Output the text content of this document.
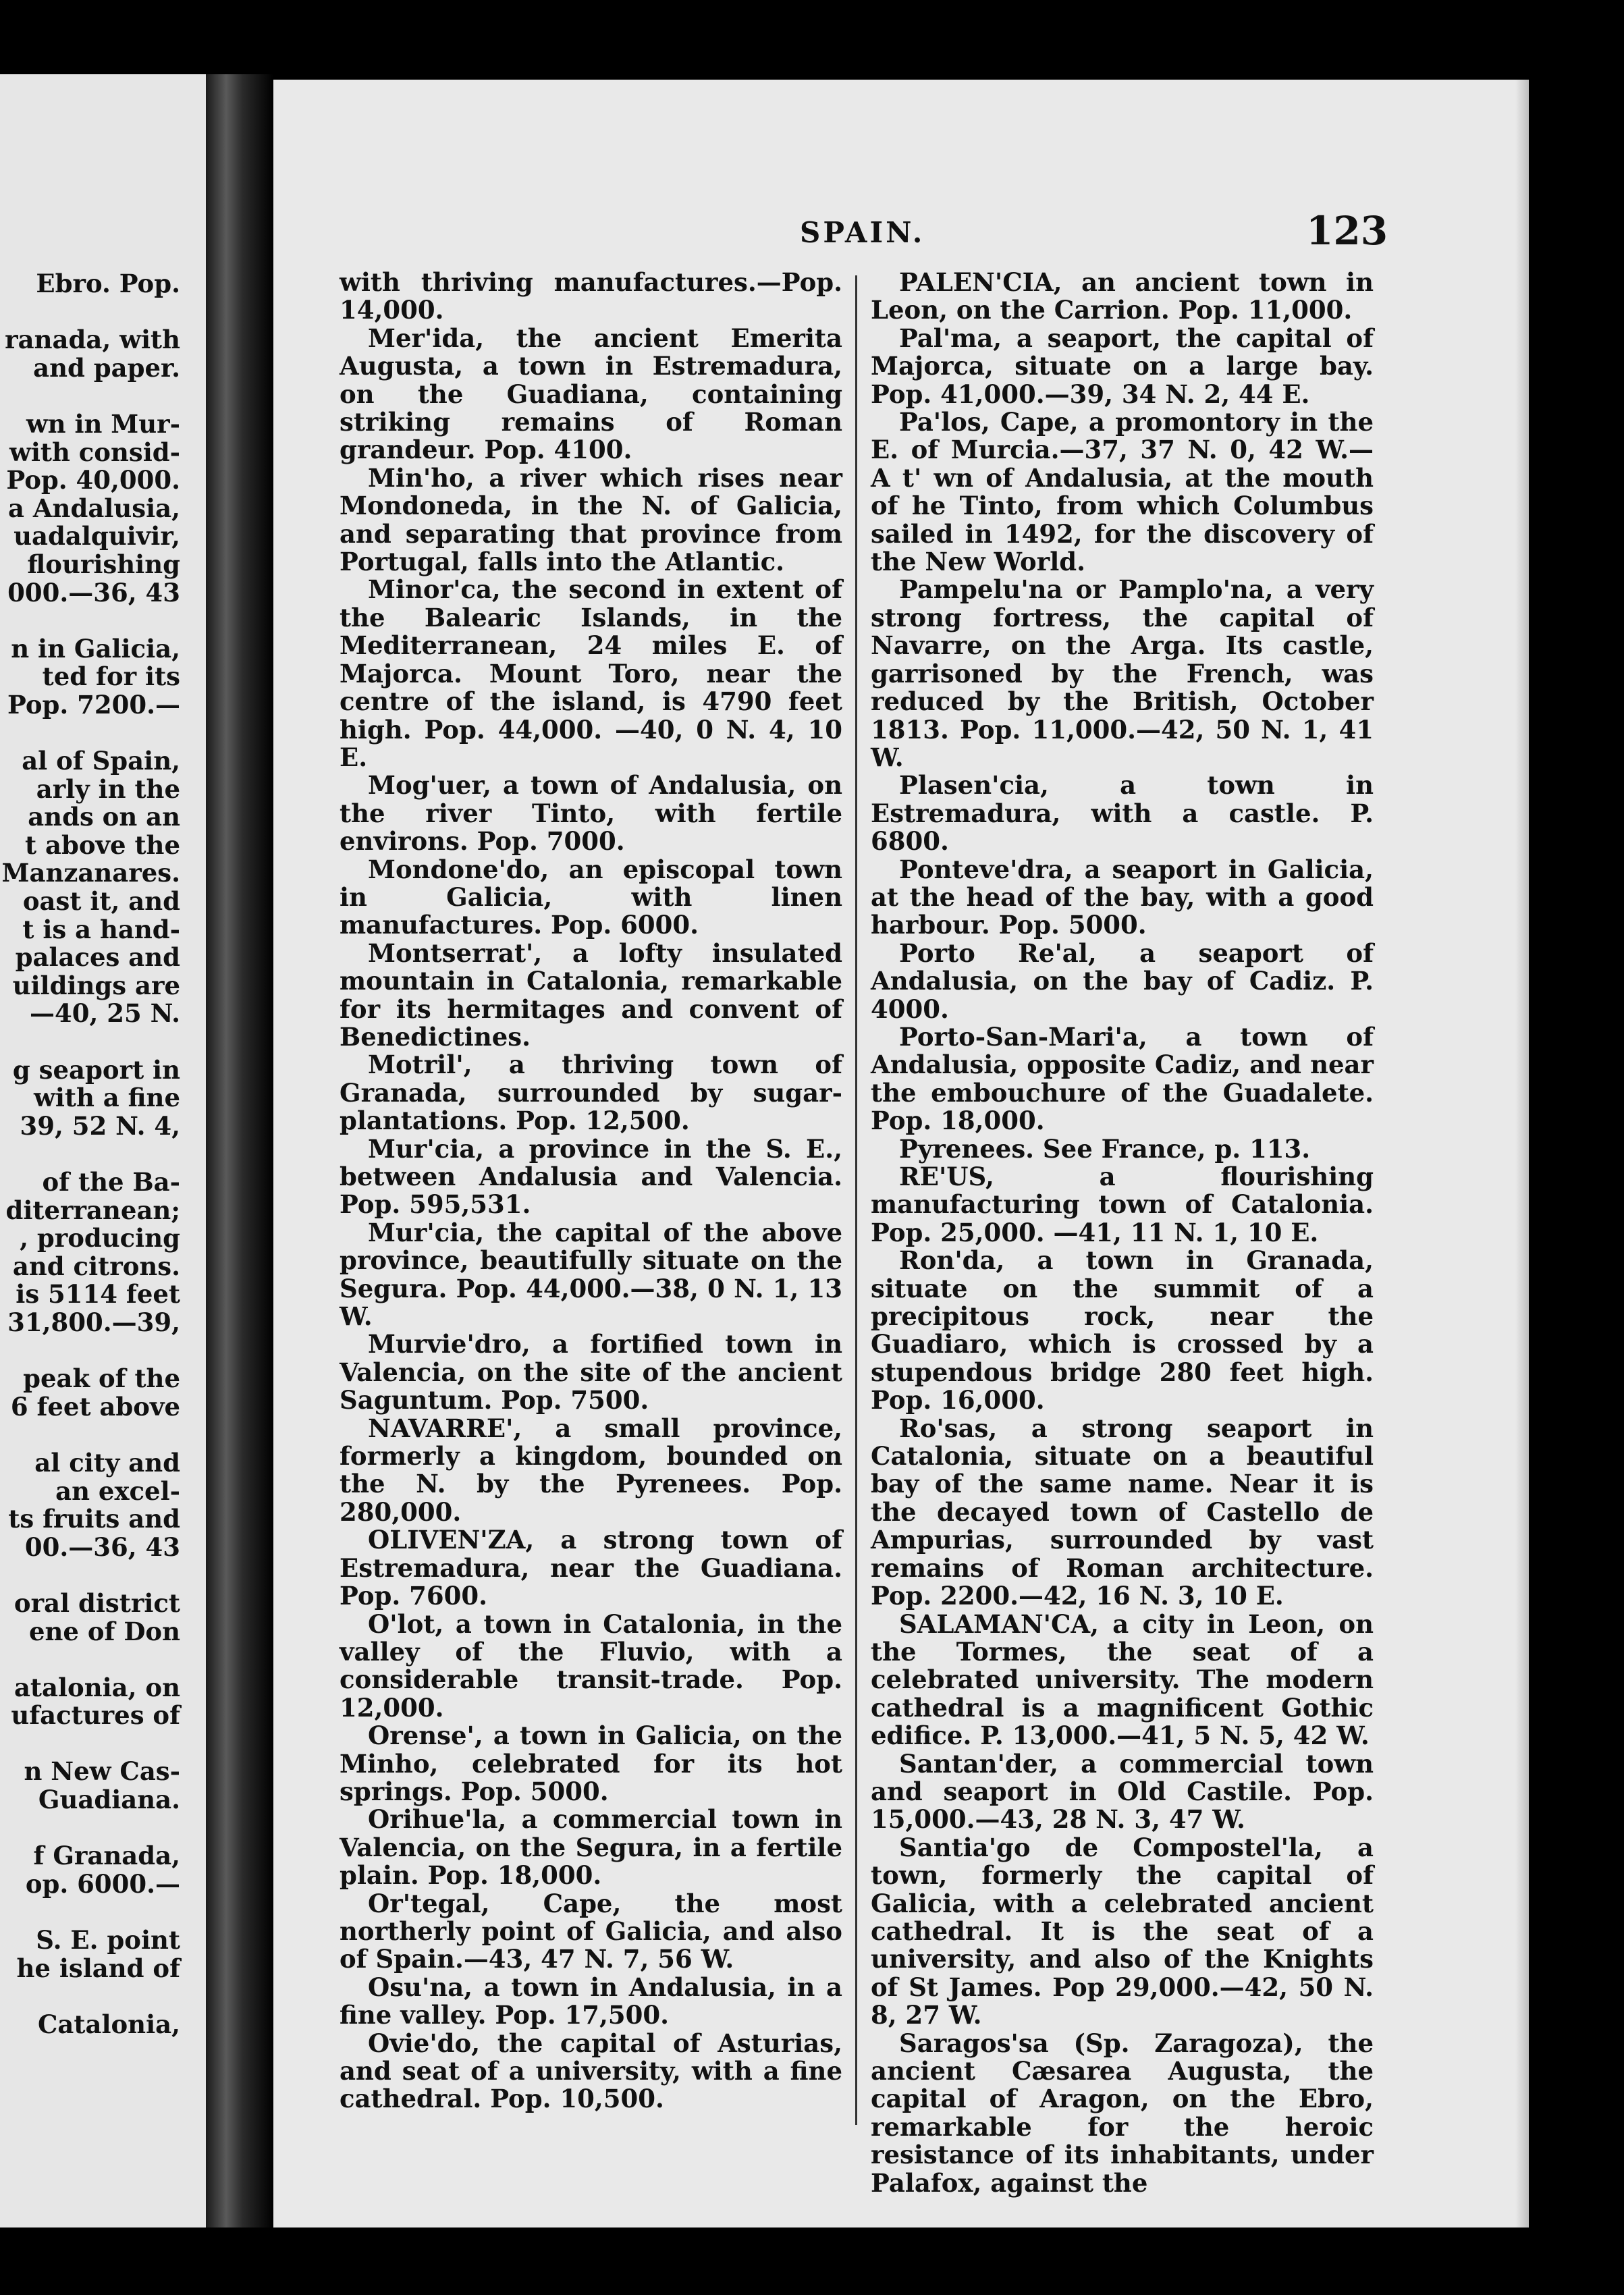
Ebro. Pop.
ranada, with
and paper.
wn in Mur-
with consid-
Pop. 40,000.
a Andalusia,
uadalquivir,
flourishing
000.—36, 43
n in Galicia,
ted for its
Pop. 7200.—
al of Spain,
arly in the
ands on an
t above the
Manzanares.
oast it, and
t is a hand-
palaces and
uildings are
—40, 25 N.
g seaport in
with a fine
39, 52 N. 4,
of the Ba-
diterranean;
, producing
and citrons.
is 5114 feet
31,800.—39,
peak of the
6 feet above
al city and
an excel-
ts fruits and
00.—36, 43
oral district
ene of Don
atalonia, on
ufactures of
n New Cas-
Guadiana.
f Granada,
op. 6000.—
S. E. point
he island of
Catalonia,
SPAIN.	123

with thriving manufactures.—Pop. 14,000.

Mer'ida, the ancient Emerita Augusta, a town in Estremadura, on the Guadiana, containing striking remains of Roman grandeur. Pop. 4100.

Min'ho, a river which rises near Mondoneda, in the N. of Galicia, and separating that province from Portugal, falls into the Atlantic.

Minor'ca, the second in extent of the Balearic Islands, in the Mediterranean, 24 miles E. of Majorca. Mount Toro, near the centre of the island, is 4790 feet high. Pop. 44,000. —40, 0 N. 4, 10 E.

Mog'uer, a town of Andalusia, on the river Tinto, with fertile environs. Pop. 7000.

Mondone'do, an episcopal town in Galicia, with linen manufactures. Pop. 6000.

Montserrat', a lofty insulated mountain in Catalonia, remarkable for its hermitages and convent of Benedictines.

Motril', a thriving town of Granada, surrounded by sugar-plantations. Pop. 12,500.

Mur'cia, a province in the S. E., between Andalusia and Valencia. Pop. 595,531.

Mur'cia, the capital of the above province, beautifully situate on the Segura. Pop. 44,000.—38, 0 N. 1, 13 W.

Murvie'dro, a fortified town in Valencia, on the site of the ancient Saguntum. Pop. 7500.

NAVARRE', a small province, formerly a kingdom, bounded on the N. by the Pyrenees. Pop. 280,000.

OLIVEN'ZA, a strong town of Estremadura, near the Guadiana. Pop. 7600.

O'lot, a town in Catalonia, in the valley of the Fluvio, with a considerable transit-trade. Pop. 12,000.

Orense', a town in Galicia, on the Minho, celebrated for its hot springs. Pop. 5000.

Orihue'la, a commercial town in Valencia, on the Segura, in a fertile plain. Pop. 18,000.

Or'tegal, Cape, the most northerly point of Galicia, and also of Spain.—43, 47 N. 7, 56 W.

Osu'na, a town in Andalusia, in a fine valley. Pop. 17,500.

Ovie'do, the capital of Asturias, and seat of a university, with a fine cathedral. Pop. 10,500.

PALEN'CIA, an ancient town in Leon, on the Carrion. Pop. 11,000.

Pal'ma, a seaport, the capital of Majorca, situate on a large bay. Pop. 41,000.—39, 34 N. 2, 44 E.

Pa'los, Cape, a promontory in the E. of Murcia.—37, 37 N. 0, 42 W.— A t' wn of Andalusia, at the mouth of he Tinto, from which Columbus sailed in 1492, for the discovery of the New World.

Pampelu'na or Pamplo'na, a very strong fortress, the capital of Navarre, on the Arga. Its castle, garrisoned by the French, was reduced by the British, October 1813. Pop. 11,000.—42, 50 N. 1, 41 W.

Plasen'cia, a town in Estremadura, with a castle. P. 6800.

Ponteve'dra, a seaport in Galicia, at the head of the bay, with a good harbour. Pop. 5000.

Porto Re'al, a seaport of Andalusia, on the bay of Cadiz. P. 4000.

Porto-San-Mari'a, a town of Andalusia, opposite Cadiz, and near the embouchure of the Guadalete. Pop. 18,000.

Pyrenees. See France, p. 113.

RE'US, a flourishing manufacturing town of Catalonia. Pop. 25,000. —41, 11 N. 1, 10 E.

Ron'da, a town in Granada, situate on the summit of a precipitous rock, near the Guadiaro, which is crossed by a stupendous bridge 280 feet high. Pop. 16,000.

Ro'sas, a strong seaport in Catalonia, situate on a beautiful bay of the same name. Near it is the decayed town of Castello de Ampurias, surrounded by vast remains of Roman architecture. Pop. 2200.—42, 16 N. 3, 10 E.

SALAMAN'CA, a city in Leon, on the Tormes, the seat of a celebrated university. The modern cathedral is a magnificent Gothic edifice. P. 13,000.—41, 5 N. 5, 42 W.

Santan'der, a commercial town and seaport in Old Castile. Pop. 15,000.—43, 28 N. 3, 47 W.

Santia'go de Compostel'la, a town, formerly the capital of Galicia, with a celebrated ancient cathedral. It is the seat of a university, and also of the Knights of St James. Pop 29,000.—42, 50 N. 8, 27 W.

Saragos'sa (Sp. Zaragoza), the ancient Cæsarea Augusta, the capital of Aragon, on the Ebro, remarkable for the heroic resistance of its inhabitants, under Palafox, against the
